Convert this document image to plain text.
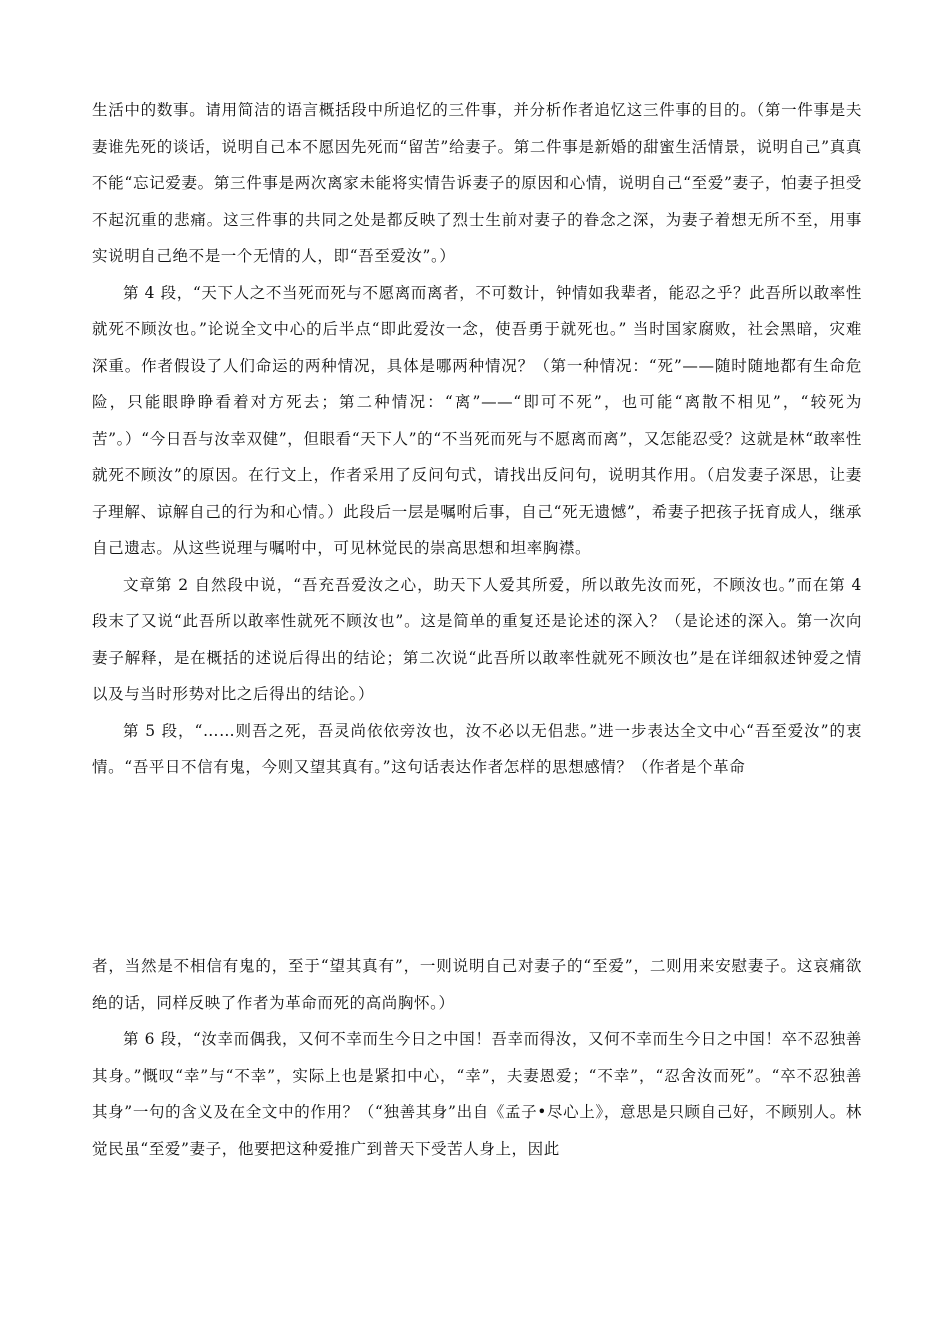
生活中的数事。请用简洁的语言概括段中所追忆的三件事，并分析作者追忆这三件事的目的。（第一件事是夫妻谁先死的谈话，说明自己本不愿因先死而“留苦”给妻子。第二件事是新婚的甜蜜生活情景，说明自己”真真不能“忘记爱妻。第三件事是两次离家未能将实情告诉妻子的原因和心情，说明自己“至爱”妻子，怕妻子担受不起沉重的悲痛。这三件事的共同之处是都反映了烈士生前对妻子的眷念之深，为妻子着想无所不至，用事实说明自己绝不是一个无情的人，即“吾至爱汝”。）

第 4 段，“天下人之不当死而死与不愿离而离者，不可数计，钟情如我辈者，能忍之乎？此吾所以敢率性就死不顾汝也。”论说全文中心的后半点“即此爱汝一念，使吾勇于就死也。” 当时国家腐败，社会黑暗，灾难深重。作者假设了人们命运的两种情况，具体是哪两种情况？（第一种情况：“死”——随时随地都有生命危险，只能眼睁睁看着对方死去；第二种情况：“离”——“即可不死”，也可能“离散不相见”，“较死为苦”。）“今日吾与汝幸双健”，但眼看“天下人”的“不当死而死与不愿离而离”，又怎能忍受？这就是林“敢率性就死不顾汝”的原因。在行文上，作者采用了反问句式，请找出反问句，说明其作用。（启发妻子深思，让妻子理解、谅解自己的行为和心情。）此段后一层是嘱咐后事，自己“死无遗憾”，希妻子把孩子抚育成人，继承自己遗志。从这些说理与嘱咐中，可见林觉民的崇高思想和坦率胸襟。

文章第 2 自然段中说，“吾充吾爱汝之心，助天下人爱其所爱，所以敢先汝而死，不顾汝也。”而在第 4 段末了又说“此吾所以敢率性就死不顾汝也”。这是简单的重复还是论述的深入？（是论述的深入。第一次向妻子解释，是在概括的述说后得出的结论；第二次说“此吾所以敢率性就死不顾汝也”是在详细叙述钟爱之情以及与当时形势对比之后得出的结论。）

第 5 段，“……则吾之死，吾灵尚依依旁汝也，汝不必以无侣悲。”进一步表达全文中心“吾至爱汝”的衷情。“吾平日不信有鬼，今则又望其真有。”这句话表达作者怎样的思想感情？（作者是个革命

者，当然是不相信有鬼的，至于“望其真有”，一则说明自己对妻子的“至爱”，二则用来安慰妻子。这哀痛欲绝的话，同样反映了作者为革命而死的高尚胸怀。）

第 6 段，“汝幸而偶我，又何不幸而生今日之中国！吾幸而得汝，又何不幸而生今日之中国！卒不忍独善其身。”慨叹“幸”与“不幸”，实际上也是紧扣中心，“幸”，夫妻恩爱；“不幸”，“忍舍汝而死”。“卒不忍独善其身”一句的含义及在全文中的作用？（“独善其身”出自《孟子•尽心上》，意思是只顾自己好，不顾别人。林觉民虽“至爱”妻子，他要把这种爱推广到普天下受苦人身上，因此
